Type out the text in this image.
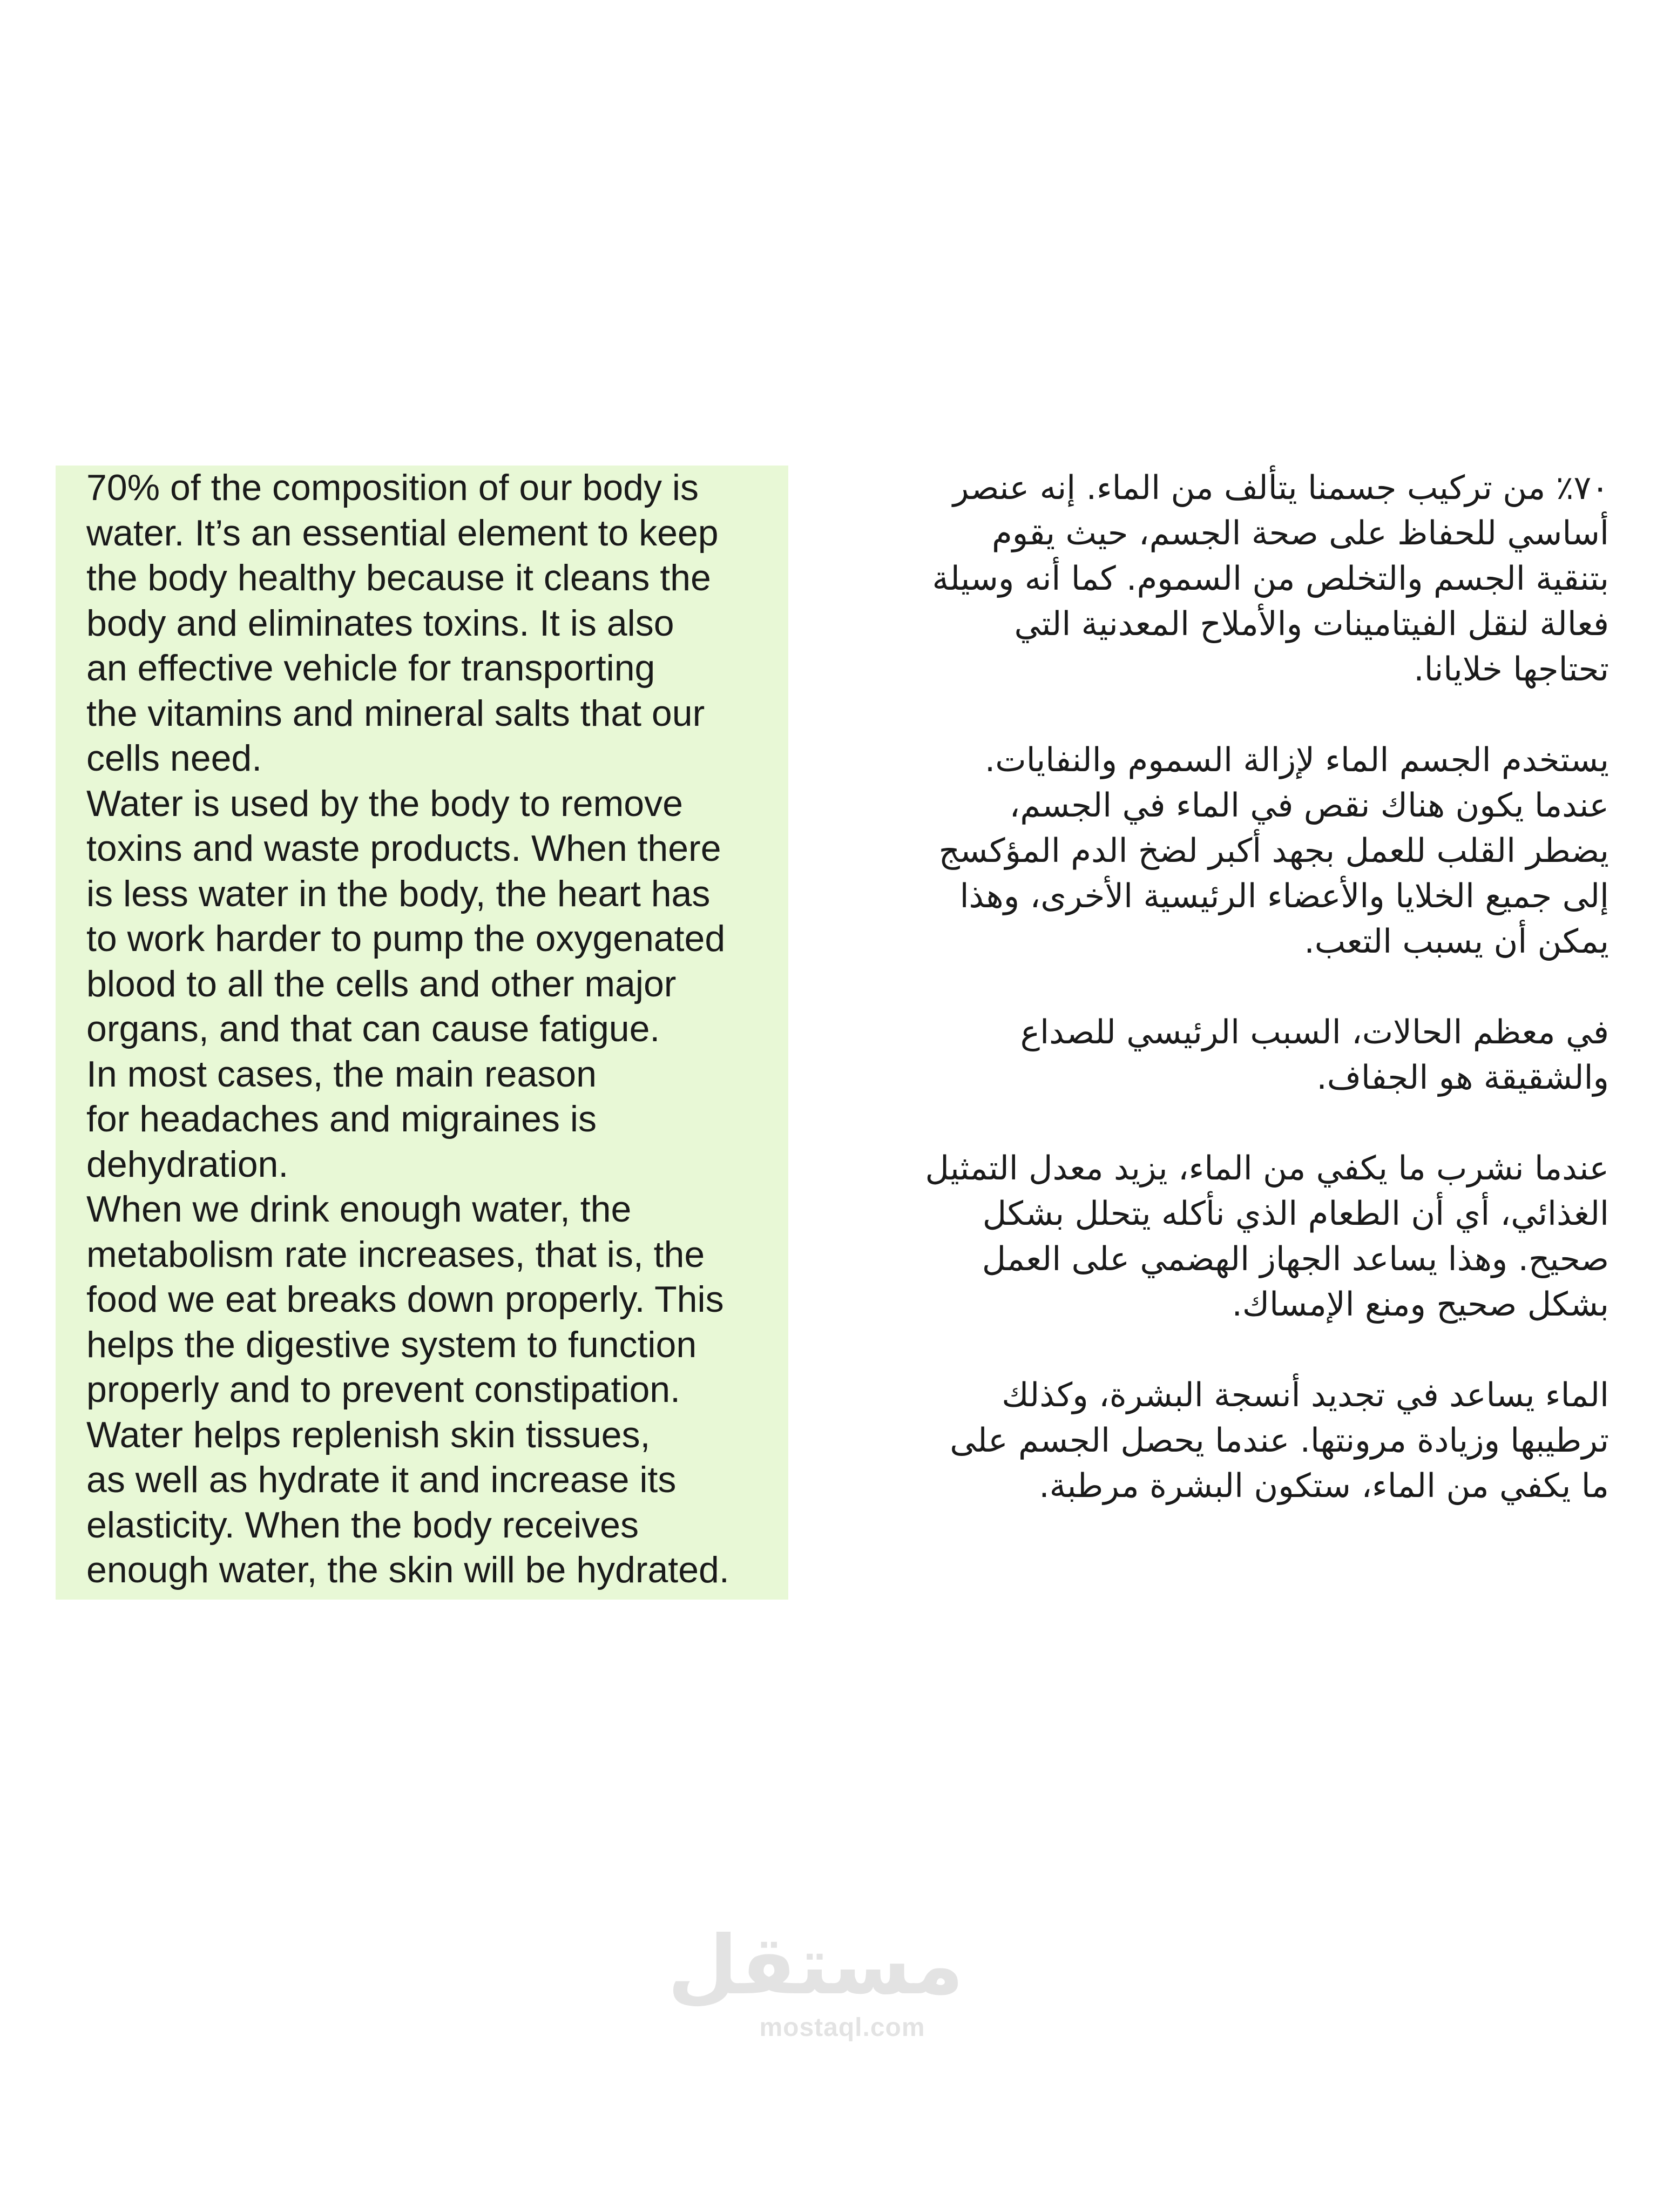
70% of the composition of our body is
water. It’s an essential element to keep
the body healthy because it cleans the
body and eliminates toxins. It is also
an effective vehicle for transporting
the vitamins and mineral salts that our
cells need.

Water is used by the body to remove
toxins and waste products. When there
is less water in the body, the heart has
to work harder to pump the oxygenated
blood to all the cells and other major
organs, and that can cause fatigue.

In most cases, the main reason
for headaches and migraines is
dehydration.

When we drink enough water, the
metabolism rate increases, that is, the
food we eat breaks down properly. This
helps the digestive system to function
properly and to prevent constipation.

Water helps replenish skin tissues,
as well as hydrate it and increase its
elasticity. When the body receives
enough water, the skin will be hydrated.

٧٠٪ من تركيب جسمنا يتألف من الماء. إنه عنصر
أساسي للحفاظ على صحة الجسم، حيث يقوم
بتنقية الجسم والتخلص من السموم. كما أنه وسيلة
فعالة لنقل الفيتامينات والأملاح المعدنية التي
تحتاجها خلايانا.

يستخدم الجسم الماء لإزالة السموم والنفايات.
عندما يكون هناك نقص في الماء في الجسم،
يضطر القلب للعمل بجهد أكبر لضخ الدم المؤكسج
إلى جميع الخلايا والأعضاء الرئيسية الأخرى، وهذا
يمكن أن يسبب التعب.

في معظم الحالات، السبب الرئيسي للصداع
والشقيقة هو الجفاف.

عندما نشرب ما يكفي من الماء، يزيد معدل التمثيل
الغذائي، أي أن الطعام الذي نأكله يتحلل بشكل
صحيح. وهذا يساعد الجهاز الهضمي على العمل
بشكل صحيح ومنع الإمساك.

الماء يساعد في تجديد أنسجة البشرة، وكذلك
ترطيبها وزيادة مرونتها. عندما يحصل الجسم على
ما يكفي من الماء، ستكون البشرة مرطبة.

مستقل
mostaql.com
